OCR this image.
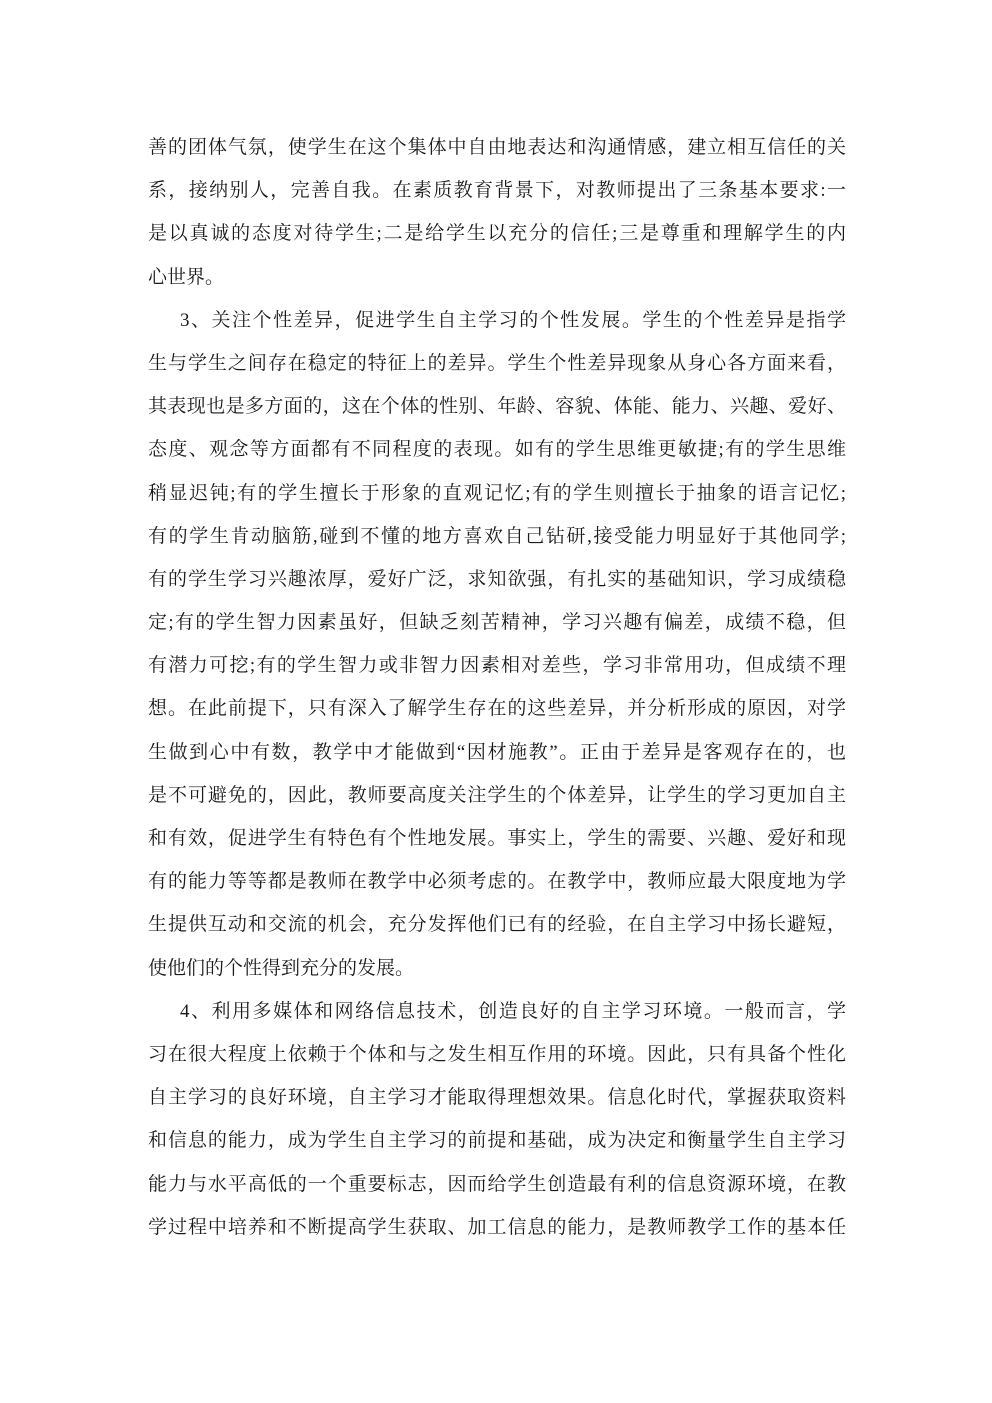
善的团体气氛，使学生在这个集体中自由地表达和沟通情感，建立相互信任的关
系，接纳别人，完善自我。在素质教育背景下，对教师提出了三条基本要求:一
是以真诚的态度对待学生;二是给学生以充分的信任;三是尊重和理解学生的内
心世界。
3、关注个性差异，促进学生自主学习的个性发展。学生的个性差异是指学
生与学生之间存在稳定的特征上的差异。学生个性差异现象从身心各方面来看，
其表现也是多方面的，这在个体的性别、年龄、容貌、体能、能力、兴趣、爱好、
态度、观念等方面都有不同程度的表现。如有的学生思维更敏捷;有的学生思维
稍显迟钝;有的学生擅长于形象的直观记忆;有的学生则擅长于抽象的语言记忆;
有的学生肯动脑筋,碰到不懂的地方喜欢自己钻研,接受能力明显好于其他同学;
有的学生学习兴趣浓厚，爱好广泛，求知欲强，有扎实的基础知识，学习成绩稳
定;有的学生智力因素虽好，但缺乏刻苦精神，学习兴趣有偏差，成绩不稳，但
有潜力可挖;有的学生智力或非智力因素相对差些，学习非常用功，但成绩不理
想。在此前提下，只有深入了解学生存在的这些差异，并分析形成的原因，对学
生做到心中有数，教学中才能做到“因材施教”。正由于差异是客观存在的，也
是不可避免的，因此，教师要高度关注学生的个体差异，让学生的学习更加自主
和有效，促进学生有特色有个性地发展。事实上，学生的需要、兴趣、爱好和现
有的能力等等都是教师在教学中必须考虑的。在教学中，教师应最大限度地为学
生提供互动和交流的机会，充分发挥他们已有的经验，在自主学习中扬长避短，
使他们的个性得到充分的发展。
4、利用多媒体和网络信息技术，创造良好的自主学习环境。一般而言，学
习在很大程度上依赖于个体和与之发生相互作用的环境。因此，只有具备个性化
自主学习的良好环境，自主学习才能取得理想效果。信息化时代，掌握获取资料
和信息的能力，成为学生自主学习的前提和基础，成为决定和衡量学生自主学习
能力与水平高低的一个重要标志，因而给学生创造最有利的信息资源环境，在教
学过程中培养和不断提高学生获取、加工信息的能力，是教师教学工作的基本任
